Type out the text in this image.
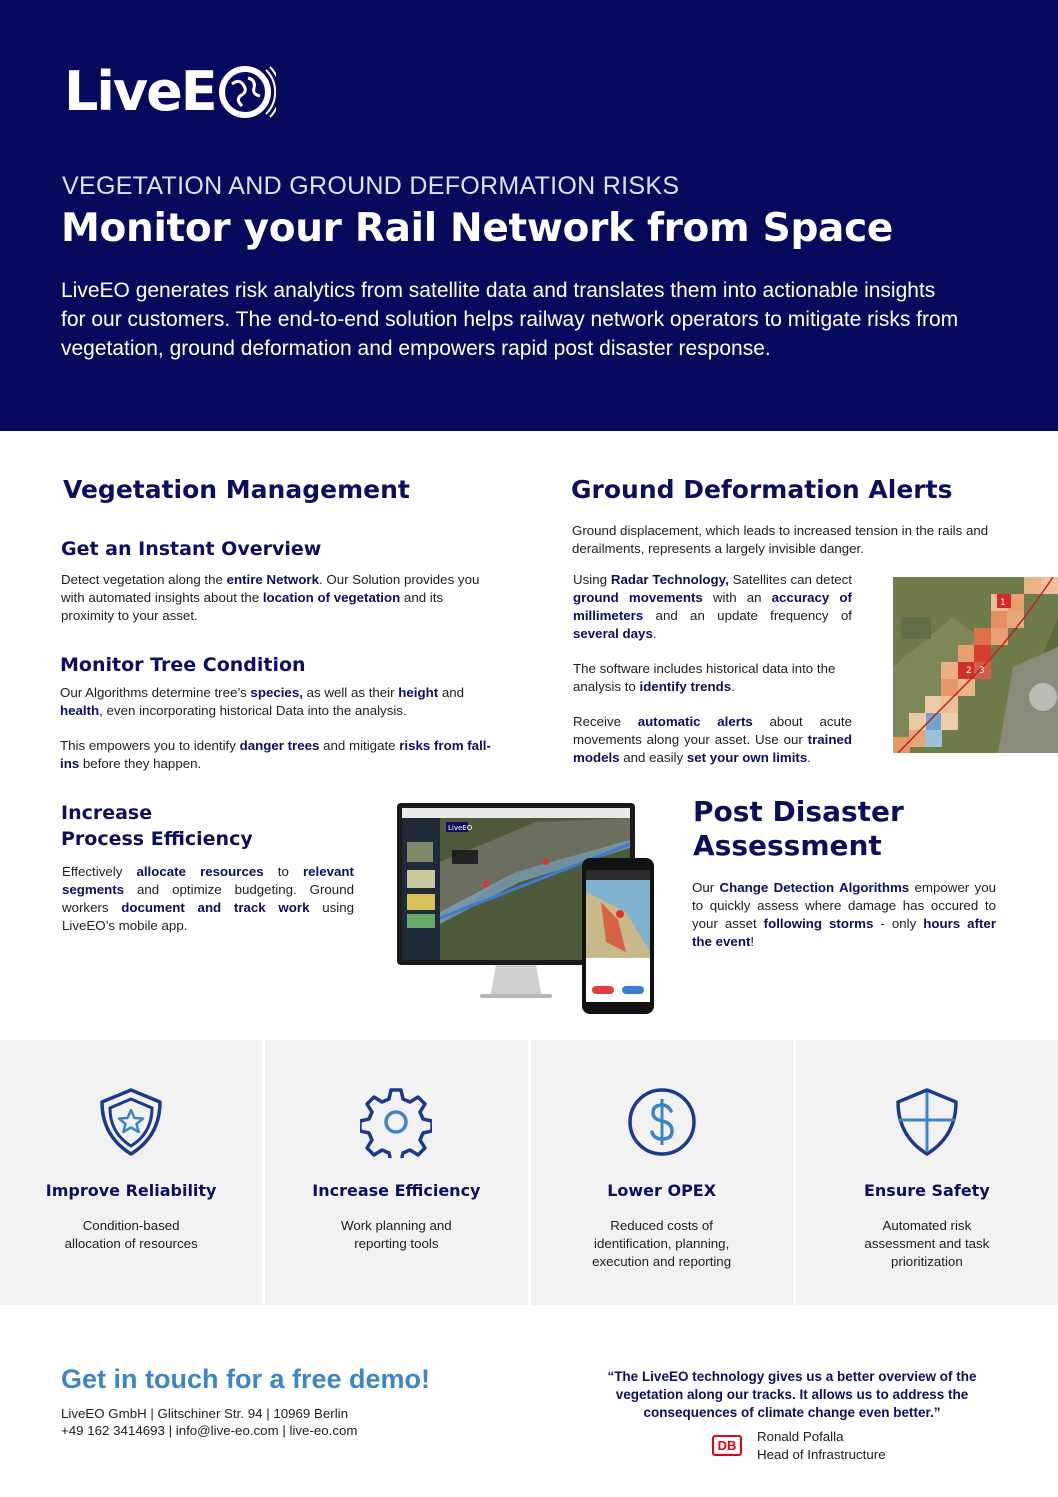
LiveE
VEGETATION AND GROUND DEFORMATION RISKS
Monitor your Rail Network from Space
LiveEO generates risk analytics from satellite data and translates them into actionable insights for our customers. The end-to-end solution helps railway network operators to mitigate risks from vegetation, ground deformation and empowers rapid post disaster response.
Vegetation Management
Get an Instant Overview
Detect vegetation along the entire Network. Our Solution provides you with automated insights about the location of vegetation and its proximity to your asset.
Monitor Tree Condition
Our Algorithms determine tree’s species, as well as their height and health, even incorporating historical Data into the analysis.
This empowers you to identify danger trees and mitigate risks from fall-ins before they happen.
Ground Deformation Alerts
Ground displacement, which leads to increased tension in the rails and derailments, represents a largely invisible danger.
Using Radar Technology, Satellites can detect ground movements with an accuracy of millimeters and an update frequency of several days.
The software includes historical data into the analysis to identify trends.
Receive automatic alerts about acute movements along your asset. Use our trained models and easily set your own limits.
1
2 3
Increase
Process Efficiency
Effectively allocate resources to relevant segments and optimize budgeting. Ground workers document and track work using LiveEO’s mobile app.
LiveEO	Post Disaster
Assessment
Our Change Detection Algorithms empower you to quickly assess where damage has occured to your asset following storms - only hours after the event!
Improve Reliability
Condition-based
allocation of resources
Increase Efficiency
Work planning and
reporting tools
Lower OPEX
Reduced costs of
identification, planning,
execution and reporting
Ensure Safety
Automated risk
assessment and task
prioritization
Get in touch for a free demo!
LiveEO GmbH | Glitschiner Str. 94 | 10969 Berlin
+49 162 3414693 | info@live-eo.com | live-eo.com
“The LiveEO technology gives us a better overview of the
vegetation along our tracks. It allows us to address the
consequences of climate change even better.”
DB
Ronald Pofalla
Head of Infrastructure
